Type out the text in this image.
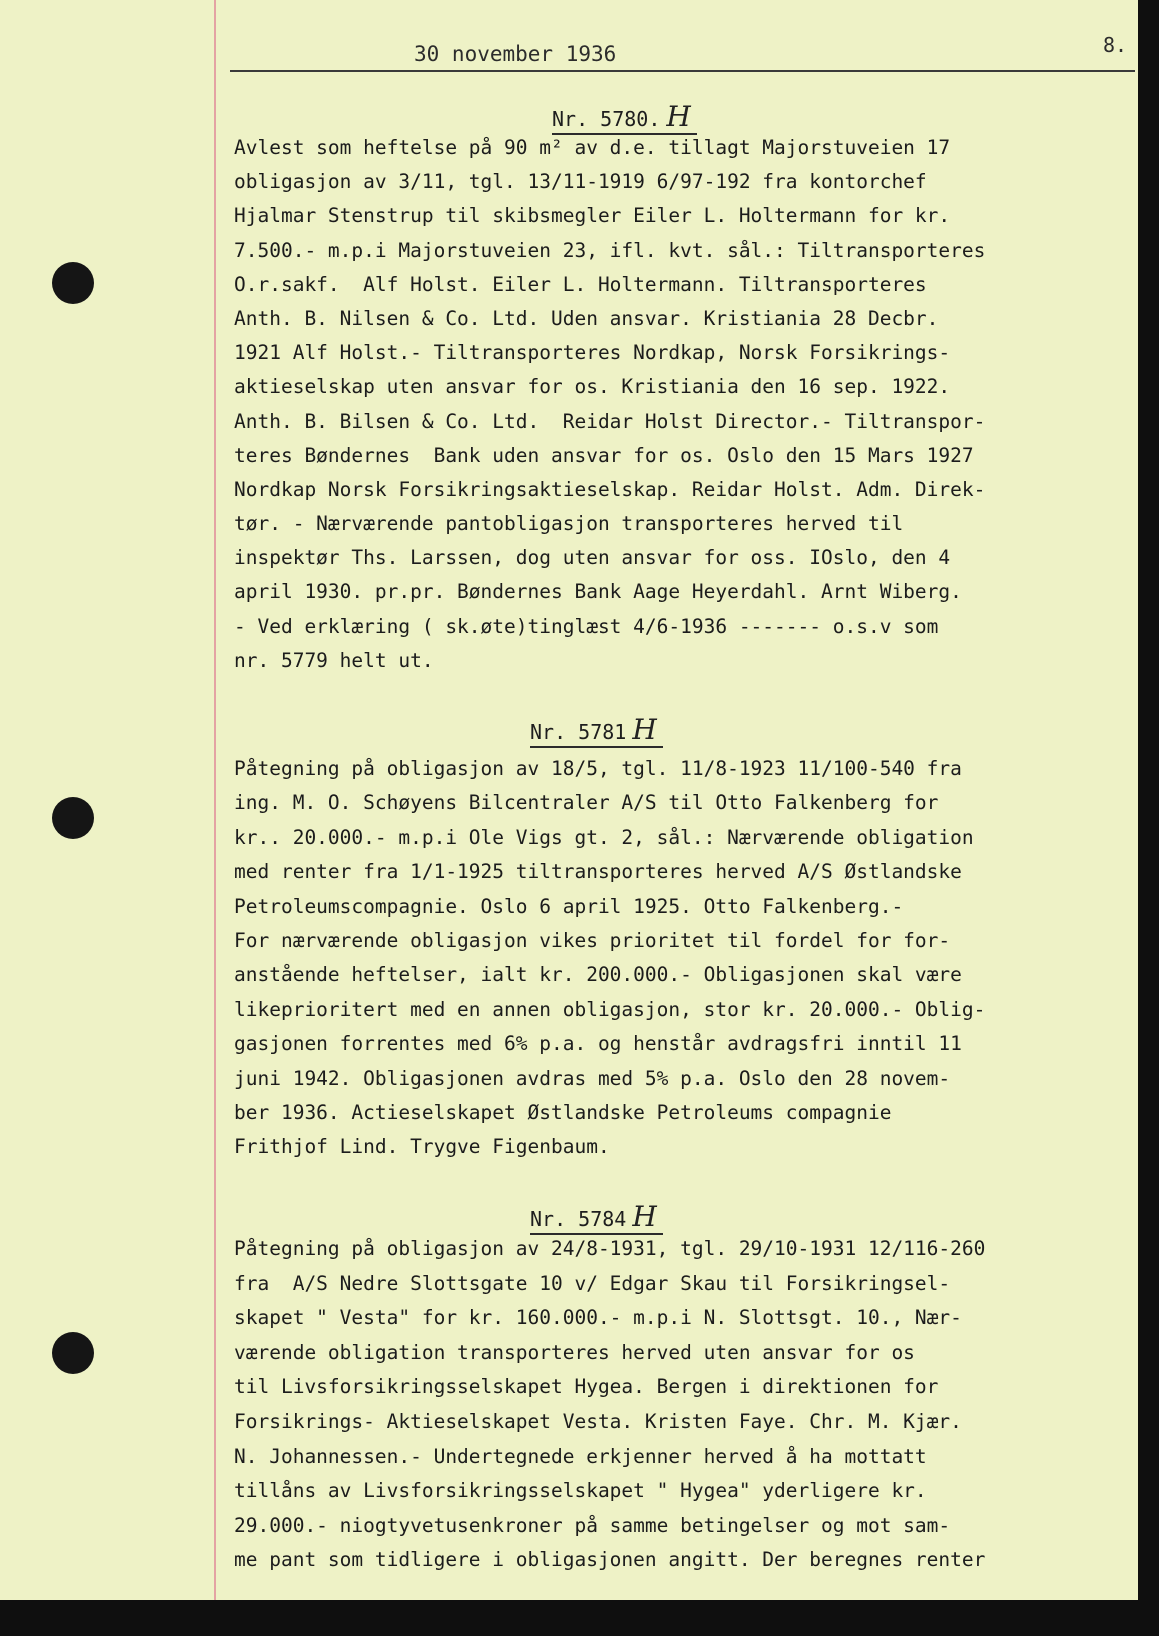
30 november 1936	8.
Nr. 5780. H
Avlest som heftelse på 90 m² av d.e. tillagt Majorstuveien 17
obligasjon av 3/11, tgl. 13/11-1919 6/97-192 fra kontorchef
Hjalmar Stenstrup til skibsmegler Eiler L. Holtermann for kr.
7.500.- m.p.i Majorstuveien 23, ifl. kvt. sål.: Tiltransporteres
O.r.sakf.  Alf Holst. Eiler L. Holtermann. Tiltransporteres
Anth. B. Nilsen & Co. Ltd. Uden ansvar. Kristiania 28 Decbr.
1921 Alf Holst.- Tiltransporteres Nordkap, Norsk Forsikrings-
aktieselskap uten ansvar for os. Kristiania den 16 sep. 1922.
Anth. B. Bilsen & Co. Ltd.  Reidar Holst Director.- Tiltranspor-
teres Bøndernes  Bank uden ansvar for os. Oslo den 15 Mars 1927
Nordkap Norsk Forsikringsaktieselskap. Reidar Holst. Adm. Direk-
tør. - Nærværende pantobligasjon transporteres herved til
inspektør Ths. Larssen, dog uten ansvar for oss. IOslo, den 4
april 1930. pr.pr. Bøndernes Bank Aage Heyerdahl. Arnt Wiberg.
- Ved erklæring ( sk.øte)tinglæst 4/6-1936 ------- o.s.v som
nr. 5779 helt ut.
Nr. 5781 H
Påtegning på obligasjon av 18/5, tgl. 11/8-1923 11/100-540 fra
ing. M. O. Schøyens Bilcentraler A/S til Otto Falkenberg for
kr.. 20.000.- m.p.i Ole Vigs gt. 2, sål.: Nærværende obligation
med renter fra 1/1-1925 tiltransporteres herved A/S Østlandske
Petroleumscompagnie. Oslo 6 april 1925. Otto Falkenberg.-
For nærværende obligasjon vikes prioritet til fordel for for-
anstående heftelser, ialt kr. 200.000.- Obligasjonen skal være
likeprioritert med en annen obligasjon, stor kr. 20.000.- Oblig-
gasjonen forrentes med 6% p.a. og henstår avdragsfri inntil 11
juni 1942. Obligasjonen avdras med 5% p.a. Oslo den 28 novem-
ber 1936. Actieselskapet Østlandske Petroleums compagnie
Frithjof Lind. Trygve Figenbaum.
Nr. 5784 H
Påtegning på obligasjon av 24/8-1931, tgl. 29/10-1931 12/116-260
fra  A/S Nedre Slottsgate 10 v/ Edgar Skau til Forsikringsel-
skapet " Vesta" for kr. 160.000.- m.p.i N. Slottsgt. 10., Nær-
værende obligation transporteres herved uten ansvar for os
til Livsforsikringsselskapet Hygea. Bergen i direktionen for
Forsikrings- Aktieselskapet Vesta. Kristen Faye. Chr. M. Kjær.
N. Johannessen.- Undertegnede erkjenner herved å ha mottatt
tillåns av Livsforsikringsselskapet " Hygea" yderligere kr.
29.000.- niogtyvetusenkroner på samme betingelser og mot sam-
me pant som tidligere i obligasjonen angitt. Der beregnes renter
